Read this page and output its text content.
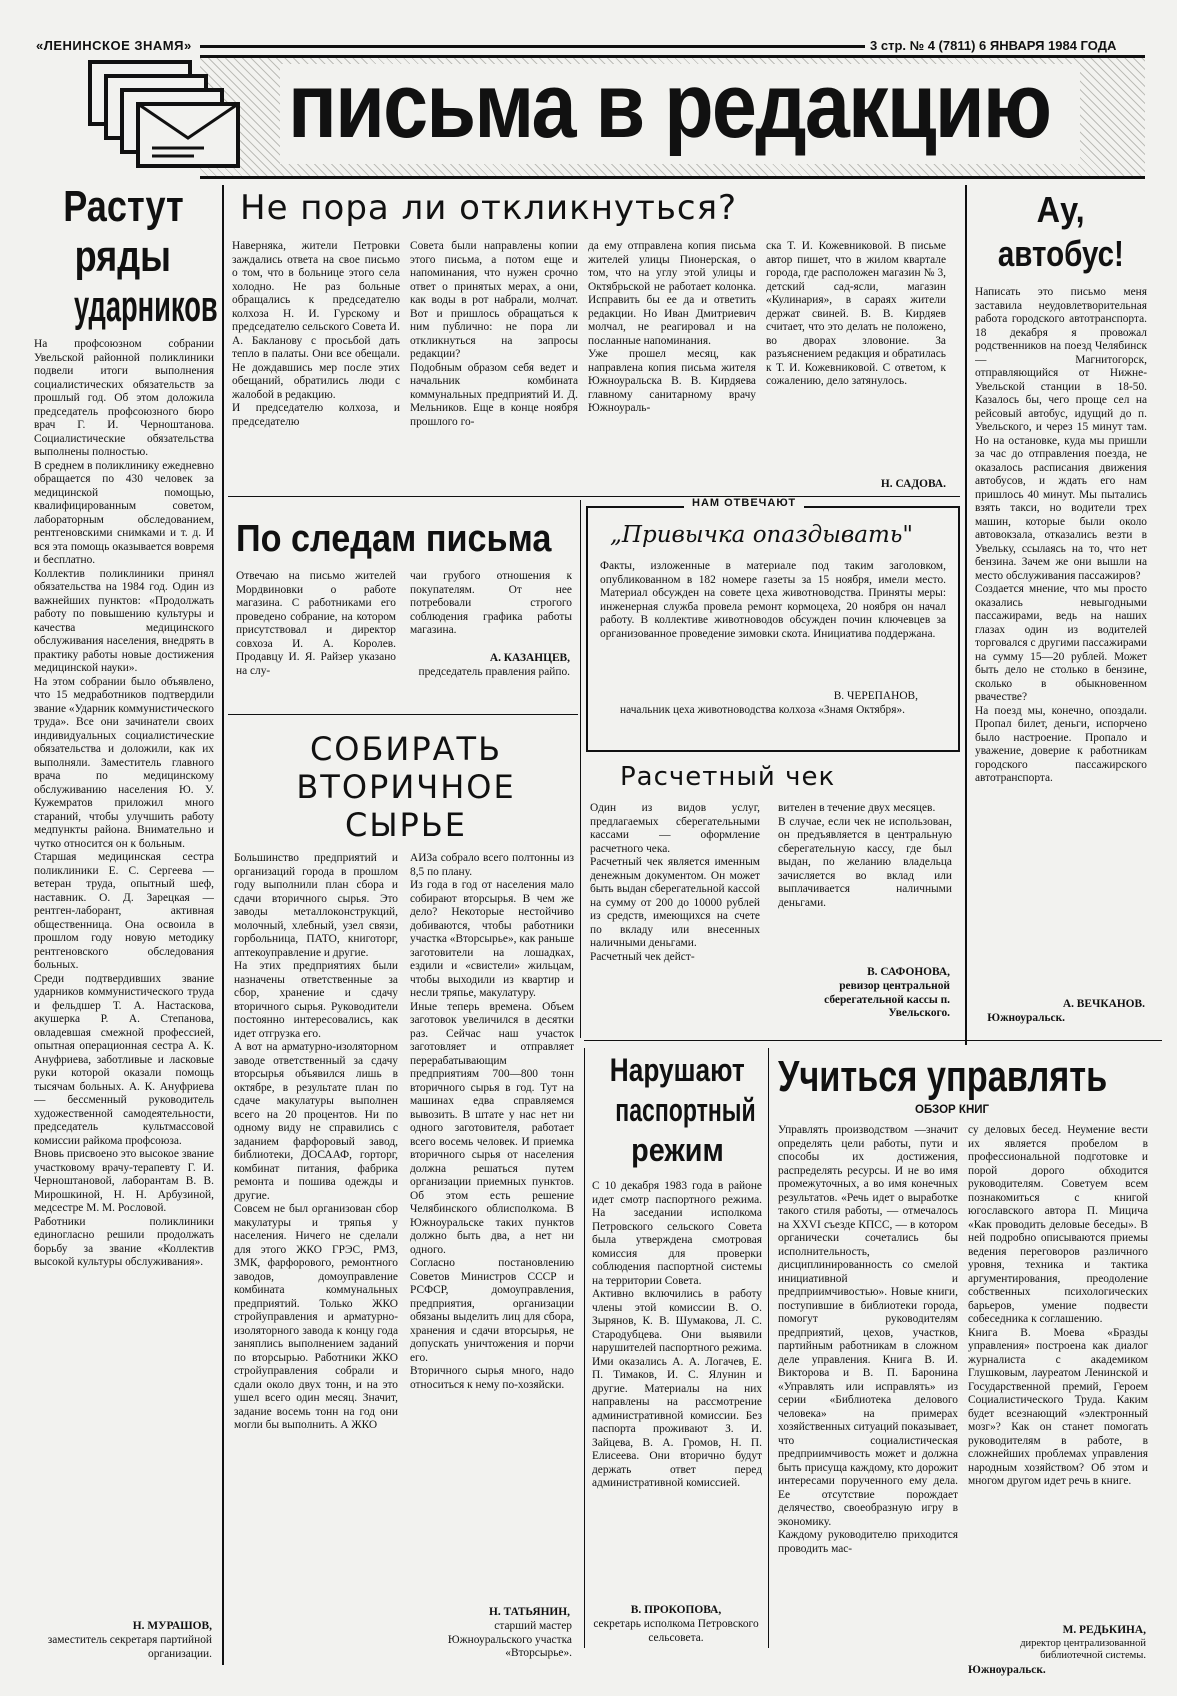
«ЛЕНИНСКОЕ ЗНАМЯ»	3 стр. № 4 (7811) 6 ЯНВАРЯ 1984 ГОДА
письма в редакцию
Растут
ряды
ударников
На профсоюзном собрании Увельской районной поликлиники подвели итоги выполнения социалистических обязательств за прошлый год. Об этом доложила председатель профсоюзного бюро врач Г. И. Черноштанова. Социалистические обязательства выполнены полностью.
В среднем в поликлинику ежедневно обращается по 430 человек за медицинской помощью, квалифицированным советом, лабораторным обследованием, рентгеновскими снимками и т. д. И вся эта помощь оказывается вовремя и бесплатно.
Коллектив поликлиники принял обязательства на 1984 год. Один из важнейших пунктов: «Продолжать работу по повышению культуры и качества медицинского обслуживания населения, внедрять в практику работы новые достижения медицинской науки».
На этом собрании было объявлено, что 15 медработников подтвердили звание «Ударник коммунистического труда». Все они зачинатели своих индивидуальных социалистические обязательства и доложили, как их выполняли. Заместитель главного врача по медицинскому обслуживанию населения Ю. У. Кужемратов приложил много стараний, чтобы улучшить работу медпункты района. Внимательно и чутко относится он к больным.
Старшая медицинская сестра поликлиники Е. С. Сергеева — ветеран труда, опытный шеф, наставник. О. Д. Зарецкая — рентген-лаборант, активная общественница. Она освоила в прошлом году новую методику рентгеновского обследования больных.
Среди подтвердивших звание ударников коммунистического труда и фельдшер Т. А. Настаскова, акушерка Р. А. Степанова, овладевшая смежной профессией, опытная операционная сестра А. К. Ануфриева, заботливые и ласковые руки которой оказали помощь тысячам больных. А. К. Ануфриева — бессменный руководитель художественной самодеятельности, председатель культмассовой комиссии райкома профсоюза.
Вновь присвоено это высокое звание участковому врачу-терапевту Г. И. Черноштановой, лаборантам В. В. Мирошкиной, Н. Н. Арбузиной, медсестре М. М. Рословой.
Работники поликлиники единогласно решили продолжать борьбу за звание «Коллектив высокой культуры обслуживания».
Н. МУРАШОВ,
заместитель секретаря партийной организации.
Не пора ли откликнуться?
Наверняка, жители Петровки заждались ответа на свое письмо о том, что в больнице этого села холодно. Не раз больные обращались к председателю колхоза Н. И. Гурскому и председателю сельского Совета И. А. Бакланову с просьбой дать тепло в палаты. Они все обещали. Не дождавшись мер после этих обещаний, обратились люди с жалобой в редакцию.
И председателю колхоза, и председателю
Совета были направлены копии этого письма, а потом еще и напоминания, что нужен срочно ответ о принятых мерах, а они, как воды в рот набрали, молчат. Вот и пришлось обращаться к ним публично: не пора ли откликнуться на запросы редакции?
Подобным образом себя ведет и начальник комбината коммунальных предприятий И. Д. Мельников. Еще в конце ноября прошлого го-
да ему отправлена копия письма жителей улицы Пионерская, о том, что на углу этой улицы и Октябрьской не работает колонка. Исправить бы ее да и ответить редакции. Но Иван Дмитриевич молчал, не реагировал и на посланные напоминания.
Уже прошел месяц, как направлена копия письма жителя Южноуральска В. В. Кирдяева главному санитарному врачу Южноураль-
ска Т. И. Кожевниковой. В письме автор пишет, что в жилом квартале города, где расположен магазин № 3, детский сад-ясли, магазин «Кулинария», в сараях жители держат свиней. В. В. Кирдяев считает, что это делать не положено, во дворах зловоние. За разъяснением редакция и обратилась к Т. И. Кожевниковой. С ответом, к сожалению, дело затянулось.
Н. САДОВА.
Ау,
автобус!
Написать это письмо меня заставила неудовлетворительная работа городского автотранспорта. 18 декабря я провожал родственников на поезд Челябинск — Магнитогорск, отправляющийся от Нижне-Увельской станции в 18-50. Казалось бы, чего проще сел на рейсовый автобус, идущий до п. Увельского, и через 15 минут там. Но на остановке, куда мы пришли за час до отправления поезда, не оказалось расписания движения автобусов, и ждать его нам пришлось 40 минут. Мы пытались взять такси, но водители трех машин, которые были около автовокзала, отказались везти в Увельку, ссылаясь на то, что нет бензина. Зачем же они вышли на место обслуживания пассажиров?
Создается мнение, что мы просто оказались невыгодными пассажирами, ведь на наших глазах один из водителей торговался с другими пассажирами на сумму 15—20 рублей. Может быть дело не столько в бензине, сколько в обыкновенном рвачестве?
На поезд мы, конечно, опоздали. Пропал билет, деньги, испорчено было настроение. Пропало и уважение, доверие к работникам городского пассажирского автотранспорта.
А. ВЕЧКАНОВ.
Южноуральск.
По следам письма
Отвечаю на письмо жителей Мордвиновки о работе магазина. С работниками его проведено собрание, на котором присутствовал и директор совхоза И. А. Королев. Продавцу И. Я. Райзер указано на слу-
чаи грубого отношения к покупателям. От нее потребовали строгого соблюдения графика работы магазина.
А. КАЗАНЦЕВ,
председатель правления райпо.
НАМ ОТВЕЧАЮТ
„Привычка опаздывать"
Факты, изложенные в материале под таким заголовком, опубликованном в 182 номере газеты за 15 ноября, имели место. Материал обсужден на совете цеха животноводства. Приняты меры: инженерная служба провела ремонт кормоцеха, 20 ноября он начал работу. В коллективе животноводов обсужден почин ключевцев за организованное проведение зимовки скота. Инициатива поддержана.
В. ЧЕРЕПАНОВ,
начальник цеха животноводства колхоза «Знамя Октября».
СОБИРАТЬ
ВТОРИЧНОЕ
СЫРЬЕ
Большинство предприятий и организаций города в прошлом году выполнили план сбора и сдачи вторичного сырья. Это заводы металлоконструкций, молочный, хлебный, узел связи, горбольница, ПАТО, книготорг, аптекоуправление и другие.
На этих предприятиях были назначены ответственные за сбор, хранение и сдачу вторичного сырья. Руководители постоянно интересовались, как идет отгрузка его.
А вот на арматурно-изоляторном заводе ответственный за сдачу вторсырья объявился лишь в октябре, в результате план по сдаче макулатуры выполнен всего на 20 процентов. Ни по одному виду не справились с заданием фарфоровый завод, библиотеки, ДОСААФ, горторг, комбинат питания, фабрика ремонта и пошива одежды и другие.
Совсем не был организован сбор макулатуры и тряпья у населения. Ничего не сделали для этого ЖКО ГРЭС, РМЗ, ЗМК, фарфорового, ремонтного заводов, домоуправление комбината коммунальных предприятий. Только ЖКО стройуправления и арматурно-изоляторного завода к концу года заняплись выполнением заданий по вторсырью. Работники ЖКО стройуправления собрали и сдали около двух тонн, и на это ушел всего один месяц. Значит, задание восемь тонн на год они могли бы выполнить. А ЖКО
АИЗа собрало всего полтонны из 8,5 по плану.
Из года в год от населения мало собирают вторсырья. В чем же дело? Некоторые нестойчиво добиваются, чтобы работники участка «Вторсырье», как раньше заготовители на лошадках, ездили и «свистели» жильцам, чтобы выходили из квартир и несли тряпье, макулатуру.
Иные теперь времена. Объем заготовок увеличился в десятки раз. Сейчас наш участок заготовляет и отправляет перерабатывающим предприятиям 700—800 тонн вторичного сырья в год. Тут на машинах едва справляемся вывозить. В штате у нас нет ни одного заготовителя, работает всего восемь человек. И приемка вторичного сырья от населения должна решаться путем организации приемных пунктов. Об этом есть решение Челябинского облисполкома. В Южноуральске таких пунктов должно быть два, а нет ни одного.
Согласно постановлению Советов Министров СССР и РСФСР, домоуправления, предприятия, организации обязаны выделить лиц для сбора, хранения и сдачи вторсырья, не допускать уничтожения и порчи его.
Вторичного сырья много, надо относиться к нему по-хозяйски.
Н. ТАТЬЯНИН,
старший мастер Южноуральского участка «Вторсырье».
Расчетный чек
Один из видов услуг, предлагаемых сберегательными кассами — оформление расчетного чека.
Расчетный чек является именным денежным документом. Он может быть выдан сберегательной кассой на сумму от 200 до 10000 рублей из средств, имеющихся на счете по вкладу или внесенных наличными деньгами.
Расчетный чек дейст-
вителен в течение двух месяцев.
В случае, если чек не использован, он предъявляется в центральную сберегательную кассу, где был выдан, по желанию владельца зачисляется во вклад или выплачивается наличными деньгами.
В. САФОНОВА,
ревизор центральной сберегательной кассы п. Увельского.
Нарушают
паспортный
режим
С 10 декабря 1983 года в районе идет смотр паспортного режима. На заседании исполкома Петровского сельского Совета была утверждена смотровая комиссия для проверки соблюдения паспортной системы на территории Совета.
Активно включились в работу члены этой комиссии В. О. Зырянов, К. В. Шумакова, Л. С. Стародубцева. Они выявили нарушителей паспортного режима. Ими оказались А. А. Логачев, Е. П. Тимаков, И. С. Ялунин и другие. Материалы на них направлены на рассмотрение административной комиссии. Без паспорта проживают З. И. Зайцева, В. А. Громов, Н. П. Елисеева. Они вторично будут держать ответ перед административной комиссией.
В. ПРОКОПОВА,
секретарь исполкома Петровского сельсовета.
Учиться управлять
ОБЗОР КНИГ
Управлять производством —значит определять цели работы, пути и способы их достижения, распределять ресурсы. И не во имя промежуточных, а во имя конечных результатов. «Речь идет о выработке такого стиля работы, — отмечалось на XXVI съезде КПСС, — в котором органически сочетались бы исполнительность, дисциплинированность со смелой инициативной и предприимчивостью». Новые книги, поступившие в библиотеки города, помогут руководителям предприятий, цехов, участков, партийным работникам в сложном деле управления. Книга В. И. Викторова и В. П. Баронина «Управлять или исправлять» из серии «Библиотека делового человека» на примерах хозяйственных ситуаций показывает, что социалистическая предприимчивость может и должна быть присуща каждому, кто дорожит интересами порученного ему дела. Ее отсутствие порождает делячество, своеобразную игру в экономику.
Каждому руководителю приходится проводить мас-
су деловых бесед. Неумение вести их является пробелом в профессиональной подготовке и порой дорого обходится руководителям. Советуем всем познакомиться с книгой югославского автора П. Мицича «Как проводить деловые беседы». В ней подробно описываются приемы ведения переговоров различного уровня, техника и тактика аргументирования, преодоление собственных психологических барьеров, умение подвести собеседника к соглашению.
Книга В. Моева «Бразды управления» построена как диалог журналиста с академиком Глушковым, лауреатом Ленинской и Государственной премий, Героем Социалистического Труда. Каким будет всезнающий «электронный мозг»? Как он станет помогать руководителям в работе, в сложнейших проблемах управления народным хозяйством? Об этом и многом другом идет речь в книге.
М. РЕДЬКИНА,
директор централизованной библиотечной системы.
Южноуральск.
